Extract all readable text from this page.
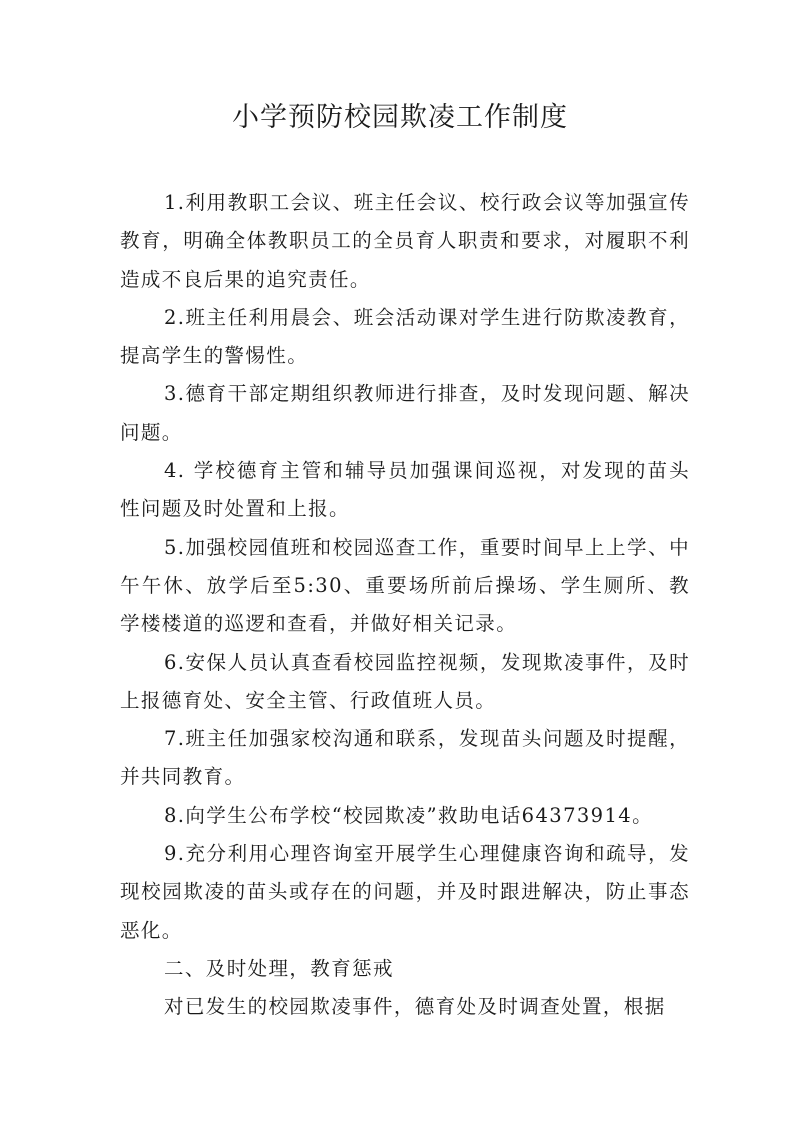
小学预防校园欺凌工作制度

1.利用教职工会议、班主任会议、校行政会议等加强宣传教育，明确全体教职员工的全员育人职责和要求，对履职不利造成不良后果的追究责任。

2.班主任利用晨会、班会活动课对学生进行防欺凌教育，提高学生的警惕性。

3.德育干部定期组织教师进行排查，及时发现问题、解决问题。

4. 学校德育主管和辅导员加强课间巡视，对发现的苗头性问题及时处置和上报。

5.加强校园值班和校园巡查工作，重要时间早上上学、中午午休、放学后至5:30、重要场所前后操场、学生厕所、教学楼楼道的巡逻和查看，并做好相关记录。

6.安保人员认真查看校园监控视频，发现欺凌事件，及时上报德育处、安全主管、行政值班人员。

7.班主任加强家校沟通和联系，发现苗头问题及时提醒，并共同教育。

8.向学生公布学校“校园欺凌”救助电话64373914。

9.充分利用心理咨询室开展学生心理健康咨询和疏导，发现校园欺凌的苗头或存在的问题，并及时跟进解决，防止事态恶化。

二、及时处理，教育惩戒

对已发生的校园欺凌事件，德育处及时调查处置，根据
